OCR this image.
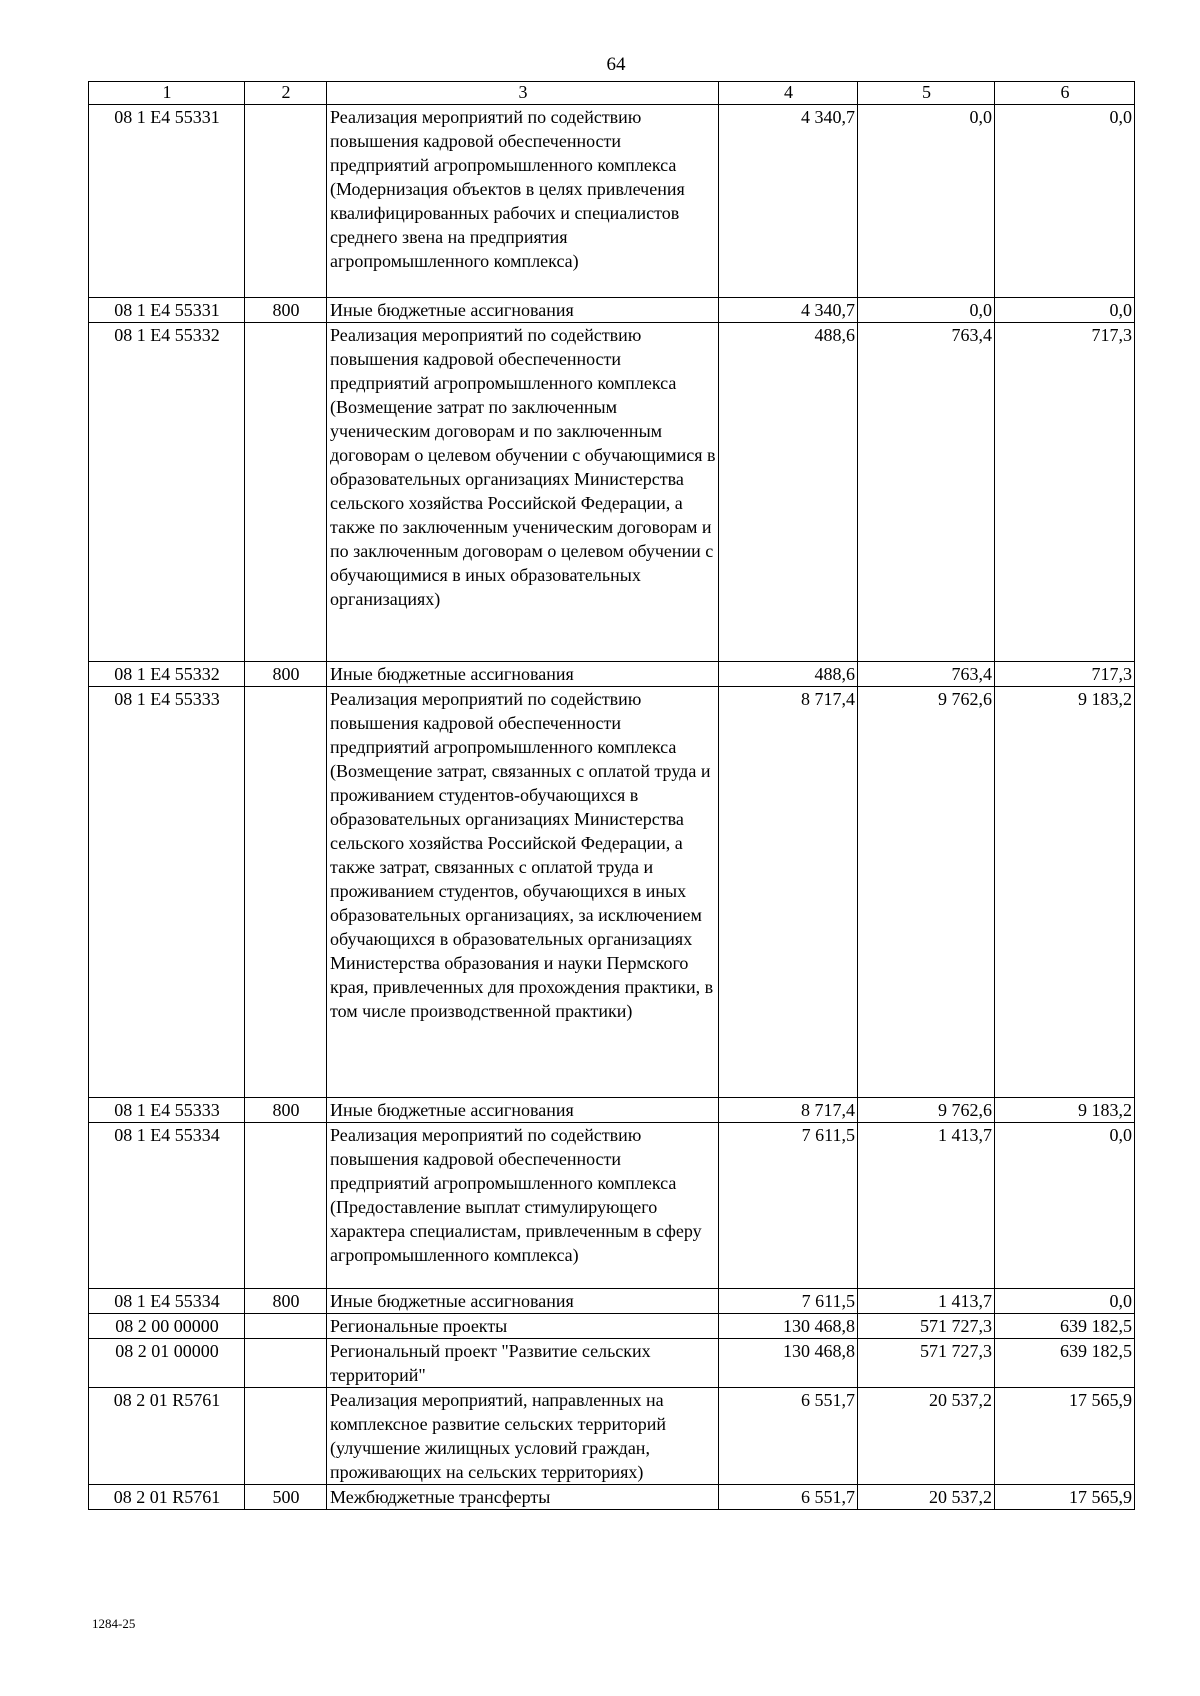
64
1	2	3	4	5	6
08 1 E4 55331		Реализация мероприятий по содействию повышения кадровой обеспеченности предприятий агропромышленного комплекса (Модернизация объектов в целях привлечения квалифицированных рабочих и специалистов среднего звена на предприятия агропромышленного комплекса)	4 340,7	0,0	0,0
08 1 E4 55331	800	Иные бюджетные ассигнования	4 340,7	0,0	0,0
08 1 E4 55332		Реализация мероприятий по содействию повышения кадровой обеспеченности предприятий агропромышленного комплекса (Возмещение затрат по заключенным ученическим договорам и по заключенным договорам о целевом обучении с обучающимися в образовательных организациях Министерства сельского хозяйства Российской Федерации, а также по заключенным ученическим договорам и по заключенным договорам о целевом обучении с обучающимися в иных образовательных организациях)	488,6	763,4	717,3
08 1 E4 55332	800	Иные бюджетные ассигнования	488,6	763,4	717,3
08 1 E4 55333		Реализация мероприятий по содействию повышения кадровой обеспеченности предприятий агропромышленного комплекса (Возмещение затрат, связанных с оплатой труда и проживанием студентов-обучающихся в образовательных организациях Министерства сельского хозяйства Российской Федерации, а также затрат, связанных с оплатой труда и проживанием студентов, обучающихся в иных образовательных организациях, за исключением обучающихся в образовательных организациях Министерства образования и науки Пермского края, привлеченных для прохождения практики, в том числе производственной практики)	8 717,4	9 762,6	9 183,2
08 1 E4 55333	800	Иные бюджетные ассигнования	8 717,4	9 762,6	9 183,2
08 1 E4 55334		Реализация мероприятий по содействию повышения кадровой обеспеченности предприятий агропромышленного комплекса (Предоставление выплат стимулирующего характера специалистам, привлеченным в сферу агропромышленного комплекса)	7 611,5	1 413,7	0,0
08 1 E4 55334	800	Иные бюджетные ассигнования	7 611,5	1 413,7	0,0
08 2 00 00000		Региональные проекты	130 468,8	571 727,3	639 182,5
08 2 01 00000		Региональный проект "Развитие сельских территорий"	130 468,8	571 727,3	639 182,5
08 2 01 R5761		Реализация мероприятий, направленных на комплексное развитие сельских территорий (улучшение жилищных условий граждан, проживающих на сельских территориях)	6 551,7	20 537,2	17 565,9
08 2 01 R5761	500	Межбюджетные трансферты	6 551,7	20 537,2	17 565,9
1284-25
